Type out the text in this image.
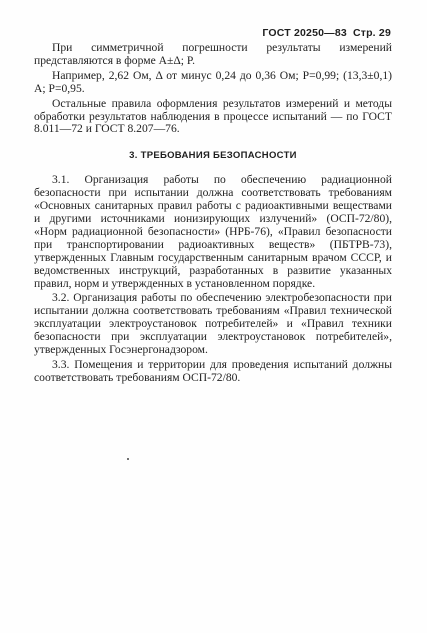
ГОСТ 20250—83 Стр. 29

При симметричной погрешности результаты измерений представляются в форме A±Δ; P.

Например, 2,62 Ом, Δ от минус 0,24 до 0,36 Ом; P=0,99; (13,3±0,1) A; P=0,95.

Остальные правила оформления результатов измерений и методы обработки результатов наблюдения в процессе испытаний — по ГОСТ 8.011—72 и ГОСТ 8.207—76.

3. ТРЕБОВАНИЯ БЕЗОПАСНОСТИ

3.1. Организация работы по обеспечению радиационной безопасности при испытании должна соответствовать требованиям «Основных санитарных правил работы с радиоактивными веществами и другими источниками ионизирующих излучений» (ОСП-72/80), «Норм радиационной безопасности» (НРБ-76), «Правил безопасности при транспортировании радиоактивных веществ» (ПБТРВ-73), утвержденных Главным государственным санитарным врачом СССР, и ведомственных инструкций, разработанных в развитие указанных правил, норм и утвержденных в установленном порядке.

3.2. Организация работы по обеспечению электробезопасности при испытании должна соответствовать требованиям «Правил технической эксплуатации электроустановок потребителей» и «Правил техники безопасности при эксплуатации электроустановок потребителей», утвержденных Госэнергонадзором.

3.3. Помещения и территории для проведения испытаний должны соответствовать требованиям ОСП-72/80.
